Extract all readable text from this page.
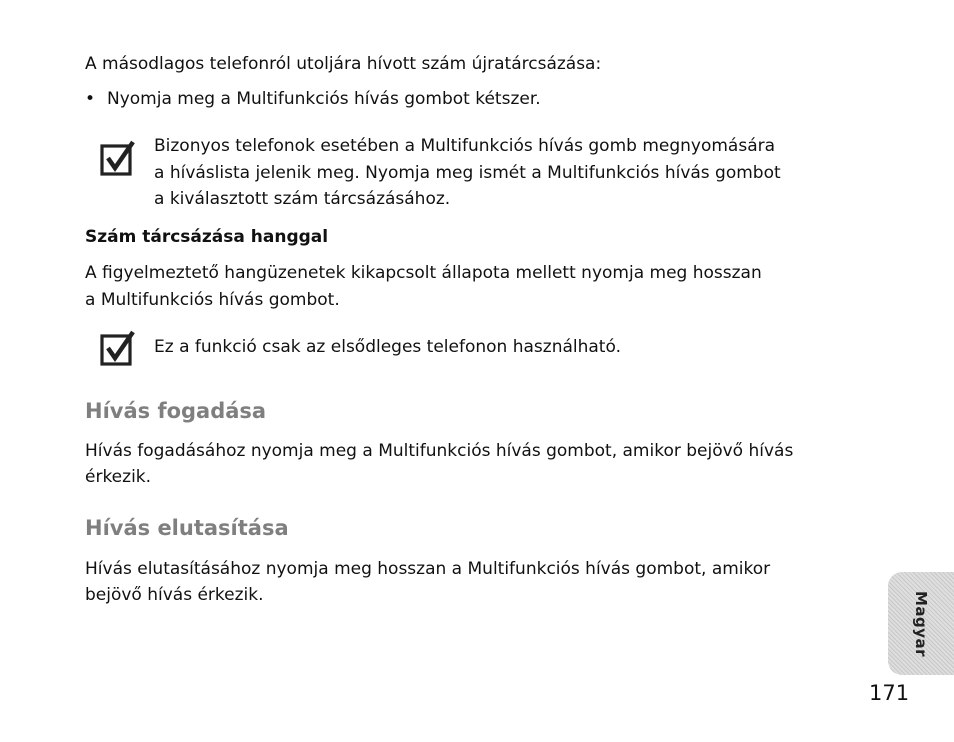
A másodlagos telefonról utoljára hívott szám újratárcsázása:

• Nyomja meg a Multifunkciós hívás gombot kétszer.

Bizonyos telefonok esetében a Multifunkciós hívás gomb megnyomására

a híváslista jelenik meg. Nyomja meg ismét a Multifunkciós hívás gombot

a kiválasztott szám tárcsázásához.

Szám tárcsázása hanggal

A figyelmeztető hangüzenetek kikapcsolt állapota mellett nyomja meg hosszan

a Multifunkciós hívás gombot.

Ez a funkció csak az elsődleges telefonon használható.

Hívás fogadása

Hívás fogadásához nyomja meg a Multifunkciós hívás gombot, amikor bejövő hívás

érkezik.

Hívás elutasítása

Hívás elutasításához nyomja meg hosszan a Multifunkciós hívás gombot, amikor

bejövő hívás érkezik.	Magyar
171
